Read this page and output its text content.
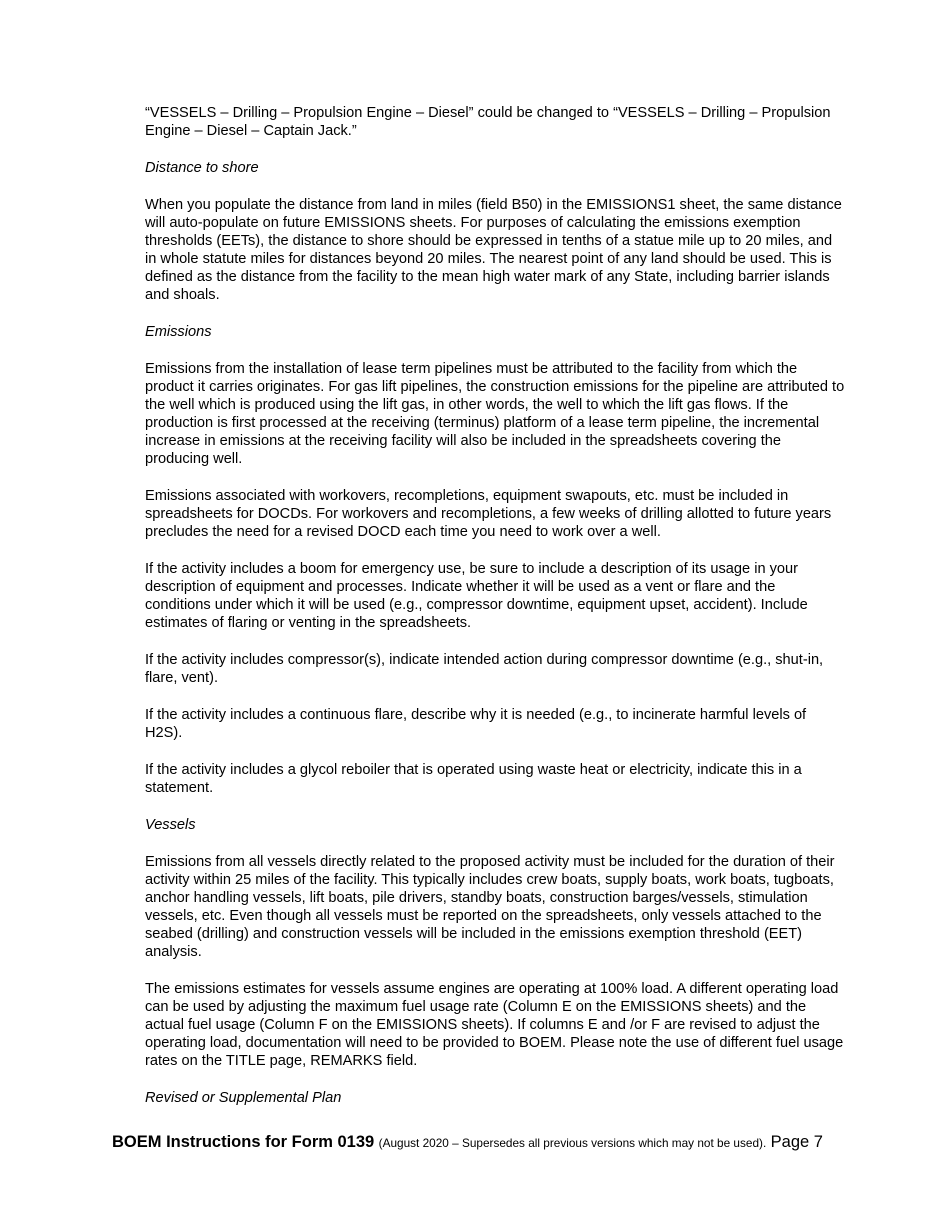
“VESSELS – Drilling – Propulsion Engine – Diesel” could be changed to “VESSELS – Drilling – Propulsion Engine – Diesel – Captain Jack.”

Distance to shore

When you populate the distance from land in miles (field B50) in the EMISSIONS1 sheet, the same distance will auto-populate on future EMISSIONS sheets. For purposes of calculating the emissions exemption thresholds (EETs), the distance to shore should be expressed in tenths of a statue mile up to 20 miles, and in whole statute miles for distances beyond 20 miles. The nearest point of any land should be used. This is defined as the distance from the facility to the mean high water mark of any State, including barrier islands and shoals.

Emissions

Emissions from the installation of lease term pipelines must be attributed to the facility from which the product it carries originates. For gas lift pipelines, the construction emissions for the pipeline are attributed to the well which is produced using the lift gas, in other words, the well to which the lift gas flows. If the production is first processed at the receiving (terminus) platform of a lease term pipeline, the incremental increase in emissions at the receiving facility will also be included in the spreadsheets covering the producing well.

Emissions associated with workovers, recompletions, equipment swapouts, etc. must be included in spreadsheets for DOCDs. For workovers and recompletions, a few weeks of drilling allotted to future years precludes the need for a revised DOCD each time you need to work over a well.

If the activity includes a boom for emergency use, be sure to include a description of its usage in your description of equipment and processes. Indicate whether it will be used as a vent or flare and the conditions under which it will be used (e.g., compressor downtime, equipment upset, accident). Include estimates of flaring or venting in the spreadsheets.

If the activity includes compressor(s), indicate intended action during compressor downtime (e.g., shut-in, flare, vent).

If the activity includes a continuous flare, describe why it is needed (e.g., to incinerate harmful levels of H2S).

If the activity includes a glycol reboiler that is operated using waste heat or electricity, indicate this in a statement.

Vessels

Emissions from all vessels directly related to the proposed activity must be included for the duration of their activity within 25 miles of the facility. This typically includes crew boats, supply boats, work boats, tugboats, anchor handling vessels, lift boats, pile drivers, standby boats, construction barges/vessels, stimulation vessels, etc. Even though all vessels must be reported on the spreadsheets, only vessels attached to the seabed (drilling) and construction vessels will be included in the emissions exemption threshold (EET) analysis.

The emissions estimates for vessels assume engines are operating at 100% load. A different operating load can be used by adjusting the maximum fuel usage rate (Column E on the EMISSIONS sheets) and the actual fuel usage (Column F on the EMISSIONS sheets). If columns E and /or F are revised to adjust the operating load, documentation will need to be provided to BOEM. Please note the use of different fuel usage rates on the TITLE page, REMARKS field.

Revised or Supplemental Plan

BOEM Instructions for Form 0139 (August 2020 – Supersedes all previous versions which may not be used). Page 7
